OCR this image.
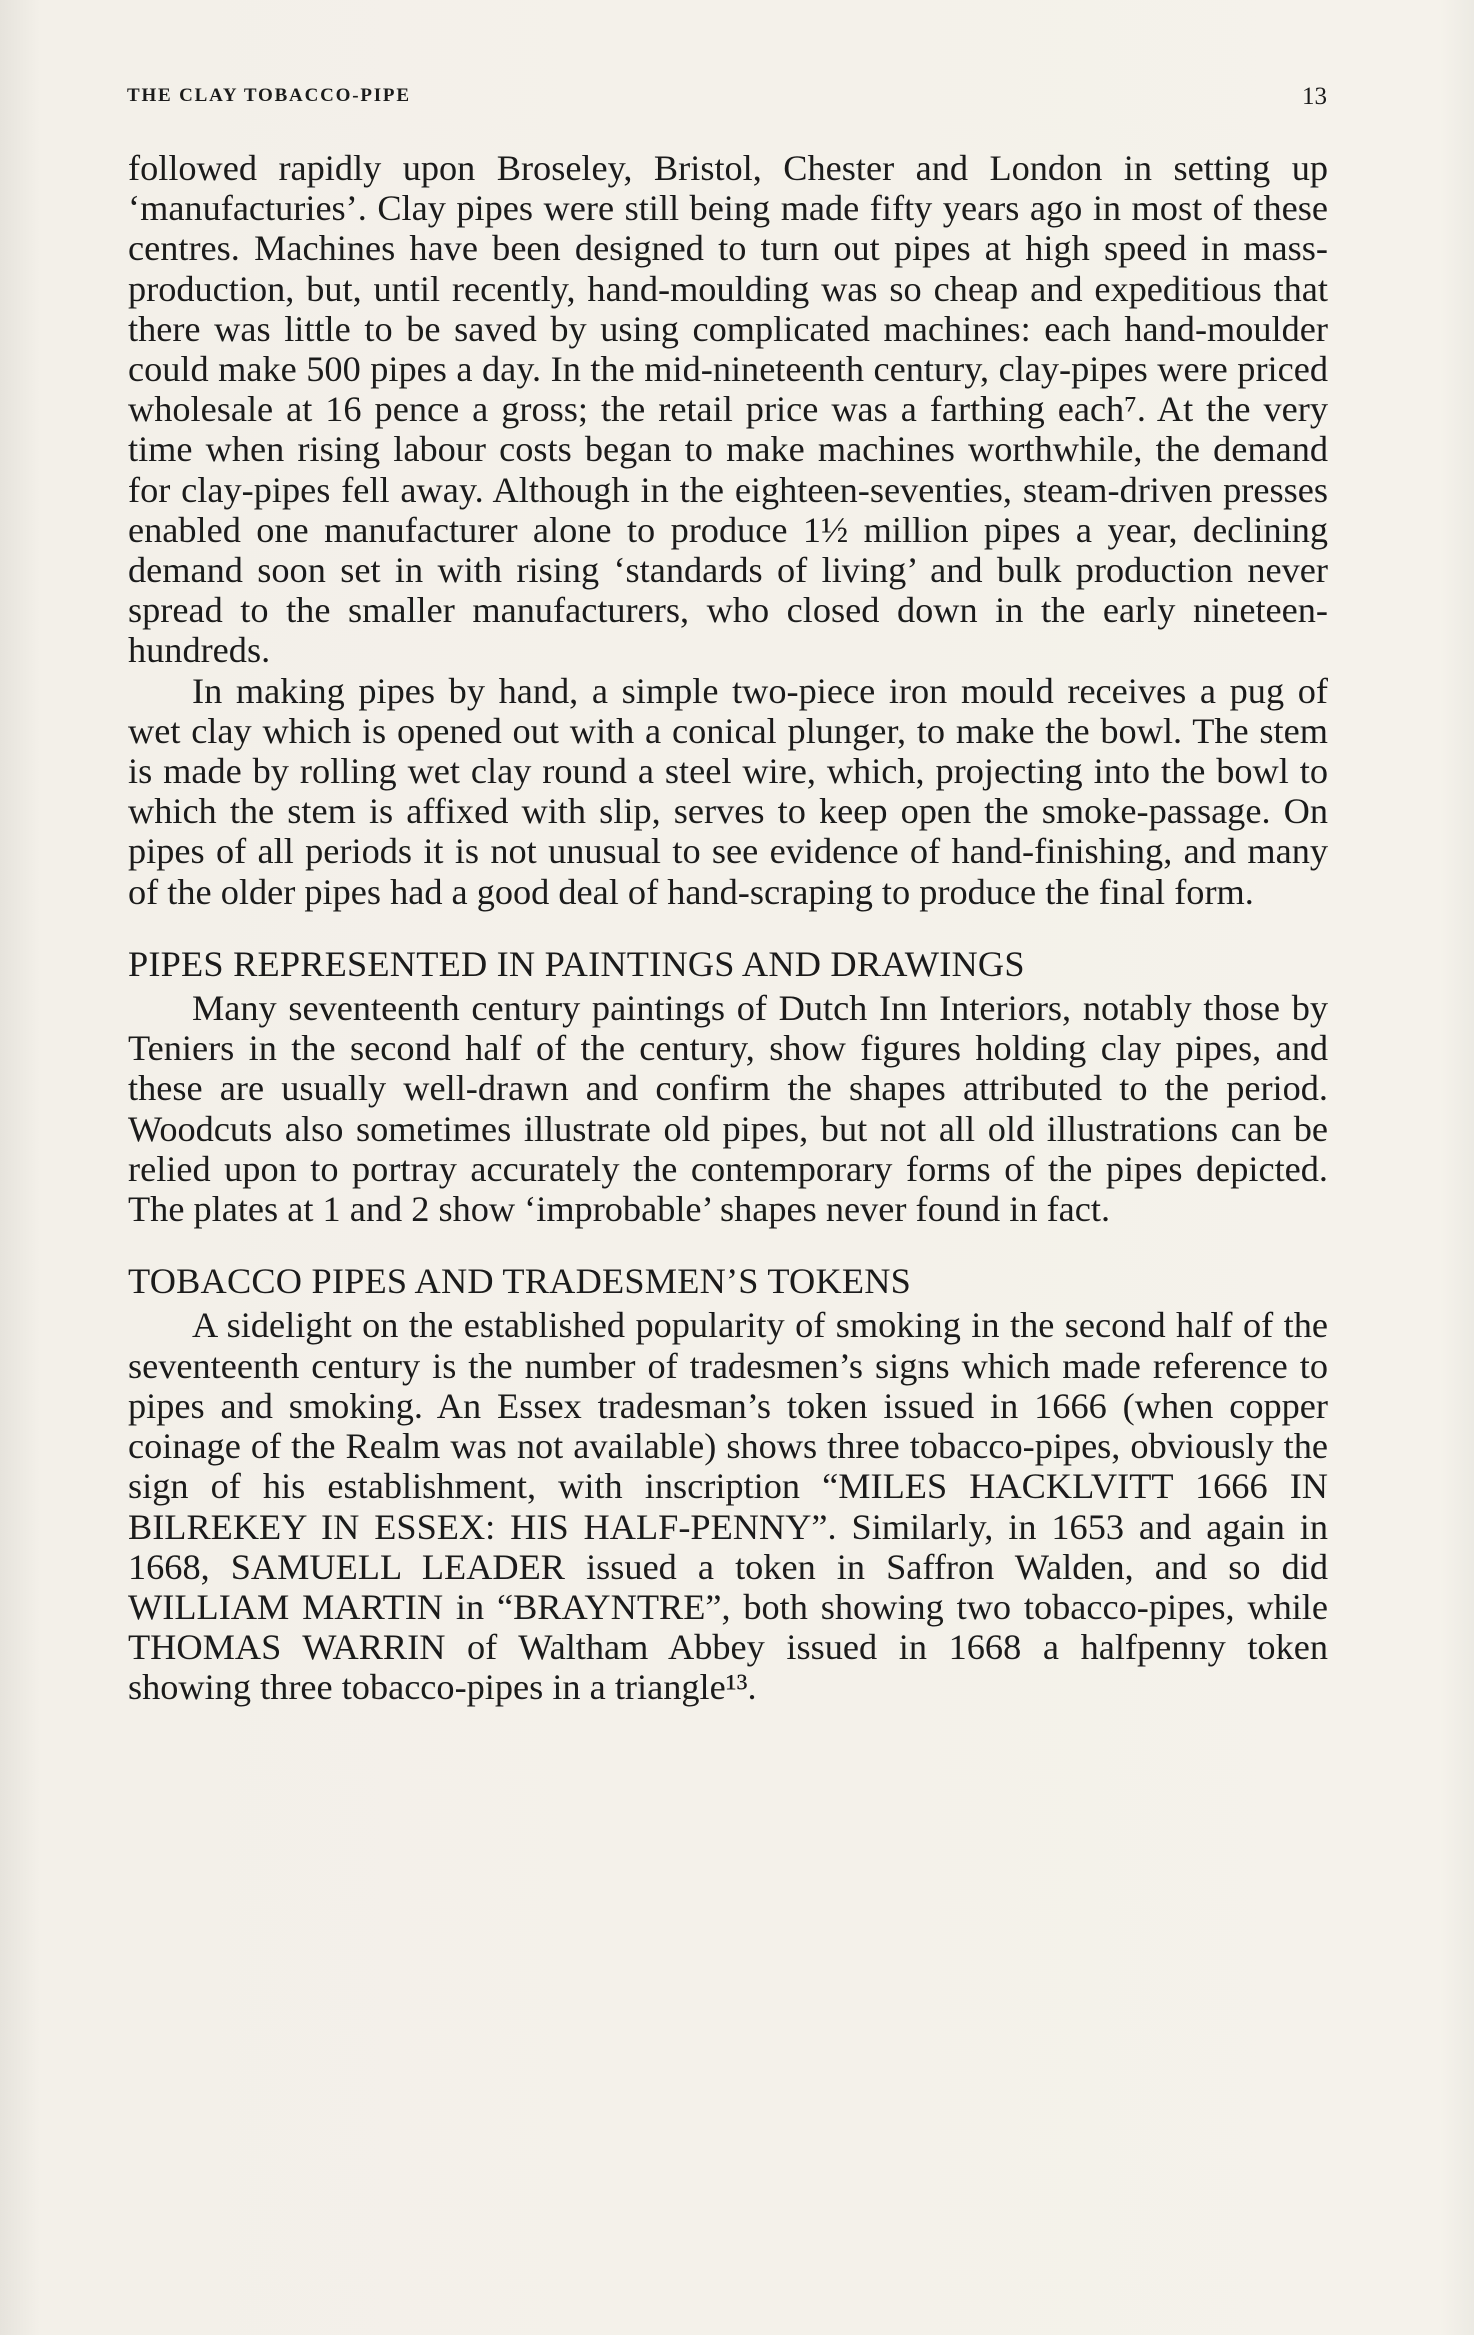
THE CLAY TOBACCO-PIPE	13

followed rapidly upon Broseley, Bristol, Chester and London in setting up ‘manufacturies’. Clay pipes were still being made fifty years ago in most of these centres. Machines have been designed to turn out pipes at high speed in mass-production, but, until recently, hand-moulding was so cheap and expeditious that there was little to be saved by using complicated machines: each hand-moulder could make 500 pipes a day. In the mid-nineteenth century, clay-pipes were priced wholesale at 16 pence a gross; the retail price was a farthing each⁷. At the very time when rising labour costs began to make machines worthwhile, the demand for clay-pipes fell away. Although in the eighteen-seventies, steam-driven presses enabled one manufacturer alone to produce 1½ million pipes a year, declining demand soon set in with rising ‘standards of living’ and bulk production never spread to the smaller manufacturers, who closed down in the early nineteen-hundreds.

In making pipes by hand, a simple two-piece iron mould receives a pug of wet clay which is opened out with a conical plunger, to make the bowl. The stem is made by rolling wet clay round a steel wire, which, projecting into the bowl to which the stem is affixed with slip, serves to keep open the smoke-passage. On pipes of all periods it is not unusual to see evidence of hand-finishing, and many of the older pipes had a good deal of hand-scraping to produce the final form.

PIPES REPRESENTED IN PAINTINGS AND DRAWINGS

Many seventeenth century paintings of Dutch Inn Interiors, notably those by Teniers in the second half of the century, show figures holding clay pipes, and these are usually well-drawn and confirm the shapes attributed to the period. Woodcuts also sometimes illustrate old pipes, but not all old illustrations can be relied upon to portray accurately the contemporary forms of the pipes depicted. The plates at 1 and 2 show ‘improbable’ shapes never found in fact.

TOBACCO PIPES AND TRADESMEN’S TOKENS

A sidelight on the established popularity of smoking in the second half of the seventeenth century is the number of tradesmen’s signs which made reference to pipes and smoking. An Essex tradesman’s token issued in 1666 (when copper coinage of the Realm was not available) shows three tobacco-pipes, obviously the sign of his establishment, with inscription “MILES HACKLVITT 1666 IN BILREKEY IN ESSEX: HIS HALF-PENNY”. Similarly, in 1653 and again in 1668, SAMUELL LEADER issued a token in Saffron Walden, and so did WILLIAM MARTIN in “BRAYNTRE”, both showing two tobacco-pipes, while THOMAS WARRIN of Waltham Abbey issued in 1668 a halfpenny token showing three tobacco-pipes in a triangle¹³.
